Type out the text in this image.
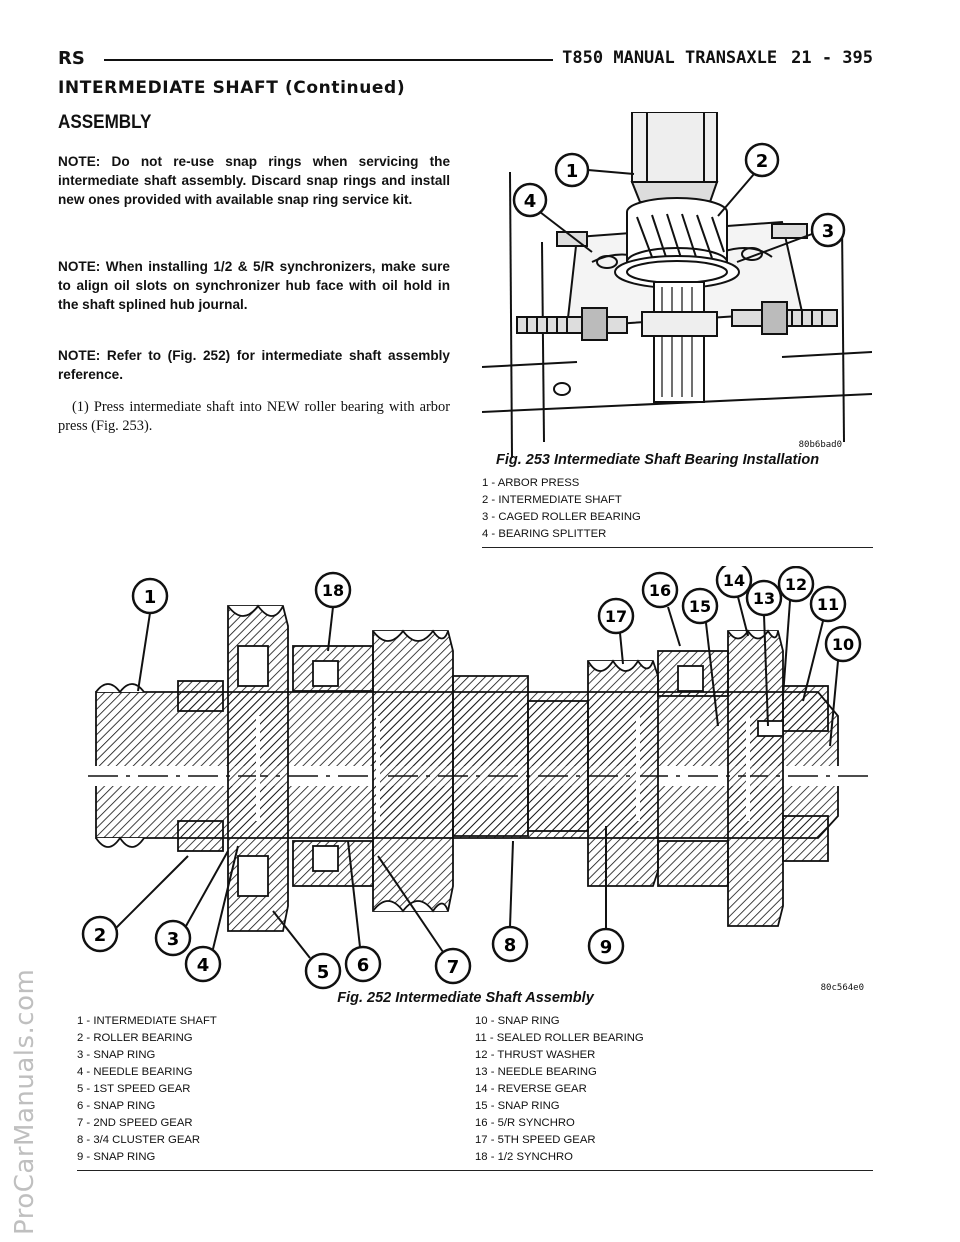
ProCarManuals.com
RS	T850 MANUAL TRANSAXLE 21 - 395
INTERMEDIATE SHAFT (Continued)
ASSEMBLY
NOTE: Do not re-use snap rings when servicing the intermediate shaft assembly. Discard snap rings and install new ones provided with available snap ring service kit.
NOTE: When installing 1/2 & 5/R synchronizers, make sure to align oil slots on synchronizer hub face with oil hold in the shaft splined hub journal.
NOTE: Refer to (Fig. 252) for intermediate shaft assembly reference.
(1) Press intermediate shaft into NEW roller bearing with arbor press (Fig. 253).
1	2
3
4
80b6bad0
Fig. 253 Intermediate Shaft Bearing Installation
1 - ARBOR PRESS
2 - INTERMEDIATE SHAFT
3 - CAGED ROLLER BEARING
4 - BEARING SPLITTER
1
2	3
4	5 6	7
8	9
10
11
12
13
14
15
16
17
18
80c564e0
Fig. 252 Intermediate Shaft Assembly
1 - INTERMEDIATE SHAFT
2 - ROLLER BEARING
3 - SNAP RING
4 - NEEDLE BEARING
5 - 1ST SPEED GEAR
6 - SNAP RING
7 - 2ND SPEED GEAR
8 - 3/4 CLUSTER GEAR
9 - SNAP RING
10 - SNAP RING
11 - SEALED ROLLER BEARING
12 - THRUST WASHER
13 - NEEDLE BEARING
14 - REVERSE GEAR
15 - SNAP RING
16 - 5/R SYNCHRO
17 - 5TH SPEED GEAR
18 - 1/2 SYNCHRO
